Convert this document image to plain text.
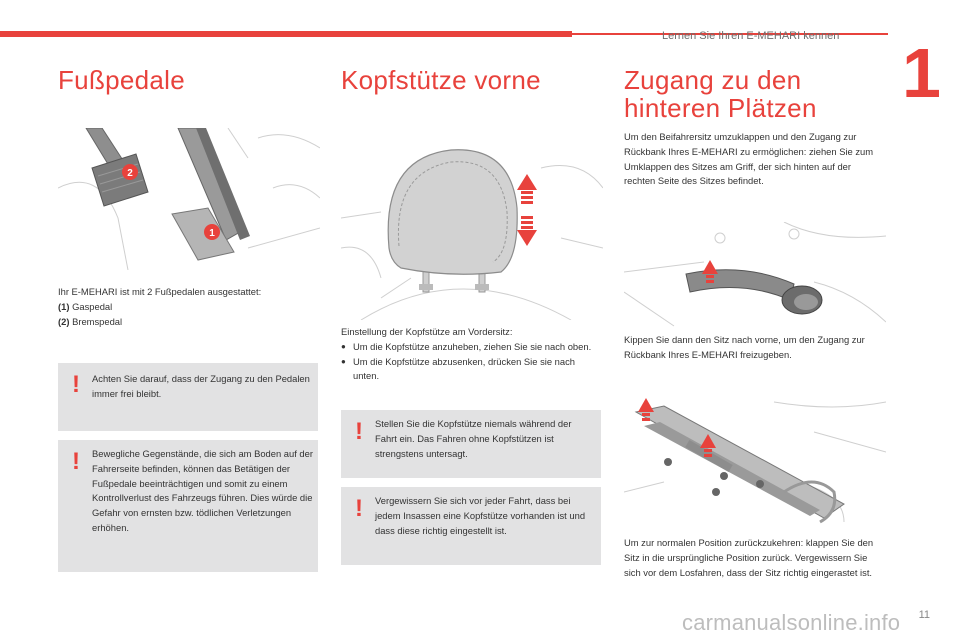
Lernen Sie Ihren E-MEHARI kennen 1
Fußpedale
2
1
Ihr E-MEHARI ist mit 2 Fußpedalen ausgestattet:
(1) Gaspedal
(2) Bremspedal
! Achten Sie darauf, dass der Zugang zu den Pedalen immer frei bleibt.
! Bewegliche Gegenstände, die sich am Boden auf der Fahrerseite befinden, können das Betätigen der Fußpedale beeinträchtigen und somit zu einem Kontrollverlust des Fahrzeugs führen. Dies würde die Gefahr von ernsten bzw. tödlichen Verletzungen erhöhen.
Kopfstütze vorne
Einstellung der Kopfstütze am Vordersitz:
● Um die Kopfstütze anzuheben, ziehen Sie sie nach oben.
● Um die Kopfstütze abzusenken, drücken Sie sie nach unten.
! Stellen Sie die Kopfstütze niemals während der Fahrt ein. Das Fahren ohne Kopfstützen ist strengstens untersagt.
! Vergewissern Sie sich vor jeder Fahrt, dass bei jedem Insassen eine Kopfstütze vorhanden ist und dass diese richtig eingestellt ist.
Zugang zu den
hinteren Plätzen
Um den Beifahrersitz umzuklappen und den Zugang zur Rückbank Ihres E-MEHARI zu ermöglichen: ziehen Sie zum Umklappen des Sitzes am Griff, der sich hinten auf der rechten Seite des Sitzes befindet.
Kippen Sie dann den Sitz nach vorne, um den Zugang zur Rückbank Ihres E-MEHARI freizugeben.
Um zur normalen Position zurückzukehren: klappen Sie den Sitz in die ursprüngliche Position zurück. Vergewissern Sie sich vor dem Losfahren, dass der Sitz richtig eingerastet ist.
carmanualsonline.info 11
